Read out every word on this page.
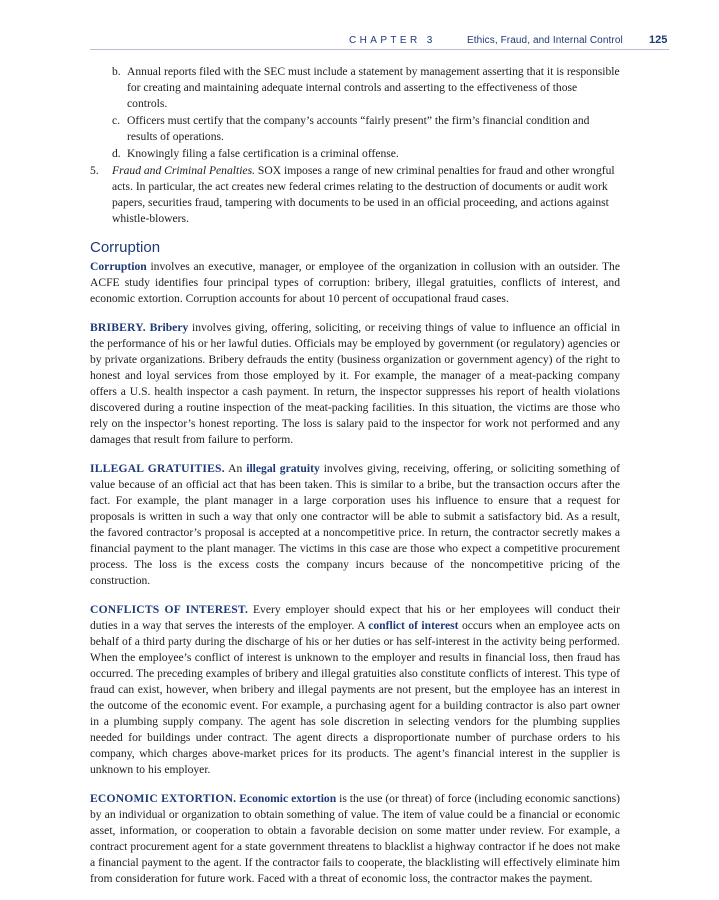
CHAPTER 3	Ethics, Fraud, and Internal Control 125
b. Annual reports filed with the SEC must include a statement by management asserting that it is responsible for creating and maintaining adequate internal controls and asserting to the effectiveness of those controls.
c. Officers must certify that the company’s accounts “fairly present” the firm’s financial condition and results of operations.
d. Knowingly filing a false certification is a criminal offense.
5.	Fraud and Criminal Penalties. SOX imposes a range of new criminal penalties for fraud and other wrongful acts. In particular, the act creates new federal crimes relating to the destruction of documents or audit work papers, securities fraud, tampering with documents to be used in an official proceeding, and actions against whistle-blowers.
Corruption

Corruption involves an executive, manager, or employee of the organization in collusion with an outsider. The ACFE study identifies four principal types of corruption: bribery, illegal gratuities, conflicts of interest, and economic extortion. Corruption accounts for about 10 percent of occupational fraud cases.

BRIBERY. Bribery involves giving, offering, soliciting, or receiving things of value to influence an official in the performance of his or her lawful duties. Officials may be employed by government (or regulatory) agencies or by private organizations. Bribery defrauds the entity (business organization or government agency) of the right to honest and loyal services from those employed by it. For example, the manager of a meat-packing company offers a U.S. health inspector a cash payment. In return, the inspector suppresses his report of health violations discovered during a routine inspection of the meat-packing facilities. In this situation, the victims are those who rely on the inspector’s honest reporting. The loss is salary paid to the inspector for work not performed and any damages that result from failure to perform.

ILLEGAL GRATUITIES. An illegal gratuity involves giving, receiving, offering, or soliciting something of value because of an official act that has been taken. This is similar to a bribe, but the transaction occurs after the fact. For example, the plant manager in a large corporation uses his influence to ensure that a request for proposals is written in such a way that only one contractor will be able to submit a satisfactory bid. As a result, the favored contractor’s proposal is accepted at a noncompetitive price. In return, the contractor secretly makes a financial payment to the plant manager. The victims in this case are those who expect a competitive procurement process. The loss is the excess costs the company incurs because of the noncompetitive pricing of the construction.

CONFLICTS OF INTEREST. Every employer should expect that his or her employees will conduct their duties in a way that serves the interests of the employer. A conflict of interest occurs when an employee acts on behalf of a third party during the discharge of his or her duties or has self-interest in the activity being performed. When the employee’s conflict of interest is unknown to the employer and results in financial loss, then fraud has occurred. The preceding examples of bribery and illegal gratuities also constitute conflicts of interest. This type of fraud can exist, however, when bribery and illegal payments are not present, but the employee has an interest in the outcome of the economic event. For example, a purchasing agent for a building contractor is also part owner in a plumbing supply company. The agent has sole discretion in selecting vendors for the plumbing supplies needed for buildings under contract. The agent directs a disproportionate number of purchase orders to his company, which charges above-market prices for its products. The agent’s financial interest in the supplier is unknown to his employer.

ECONOMIC EXTORTION. Economic extortion is the use (or threat) of force (including economic sanctions) by an individual or organization to obtain something of value. The item of value could be a financial or economic asset, information, or cooperation to obtain a favorable decision on some matter under review. For example, a contract procurement agent for a state government threatens to blacklist a highway contractor if he does not make a financial payment to the agent. If the contractor fails to cooperate, the blacklisting will effectively eliminate him from consideration for future work. Faced with a threat of economic loss, the contractor makes the payment.
